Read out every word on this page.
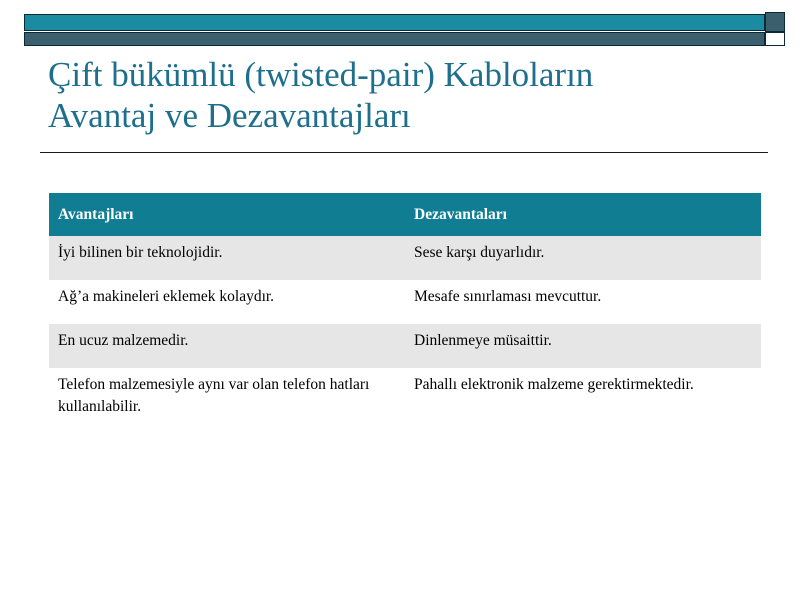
Çift bükümlü (twisted-pair) Kabloların
Avantaj ve Dezavantajları
Avantajları	Dezavantaları
İyi bilinen bir teknolojidir.	Sese karşı duyarlıdır.
Ağ’a makineleri eklemek kolaydır.	Mesafe sınırlaması mevcuttur.
En ucuz malzemedir.	Dinlenmeye müsaittir.
Telefon malzemesiyle aynı var olan telefon hatları kullanılabilir.	Pahallı elektronik malzeme gerektirmektedir.
